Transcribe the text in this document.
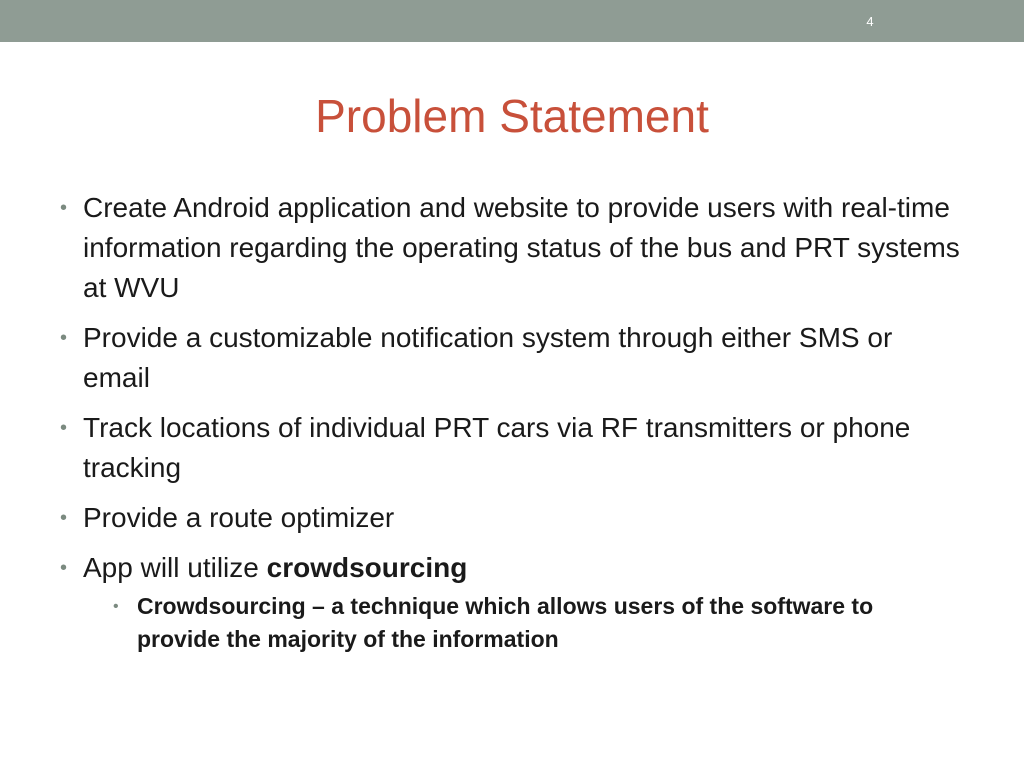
4
Problem Statement
• Create Android application and website to provide users with real-time information regarding the operating status of the bus and PRT systems at WVU
• Provide a customizable notification system through either SMS or email
• Track locations of individual PRT cars via RF transmitters or phone tracking
• Provide a route optimizer
• App will utilize crowdsourcing
• Crowdsourcing – a technique which allows users of the software to provide the majority of the information
